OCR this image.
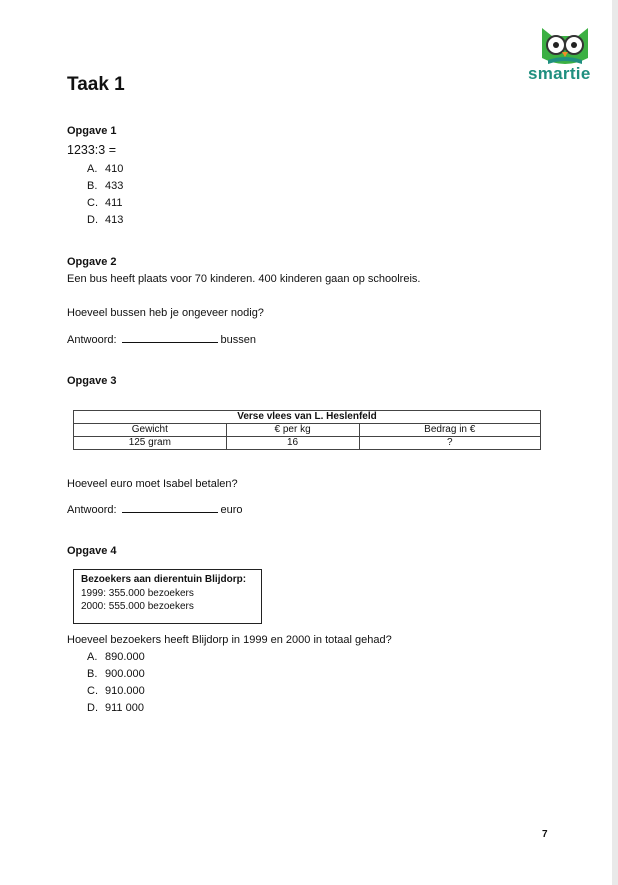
Taak 1
smartie
Opgave 1
1233:3 =
A. 410
B. 433
C. 411
D. 413
Opgave 2
Een bus heeft plaats voor 70 kinderen. 400 kinderen gaan op schoolreis.
Hoeveel bussen heb je ongeveer nodig?
Antwoord:	bussen
Opgave 3
Verse vlees van L. Heslenfeld		
Gewicht	€ per kg	Bedrag in €
125 gram	16	?
Hoeveel euro moet Isabel betalen?
Antwoord:	euro
Opgave 4
Bezoekers aan dierentuin Blijdorp:
1999: 355.000 bezoekers
2000: 555.000 bezoekers
Hoeveel bezoekers heeft Blijdorp in 1999 en 2000 in totaal gehad?
A. 890.000
B. 900.000
C. 910.000
D. 911 000
7
